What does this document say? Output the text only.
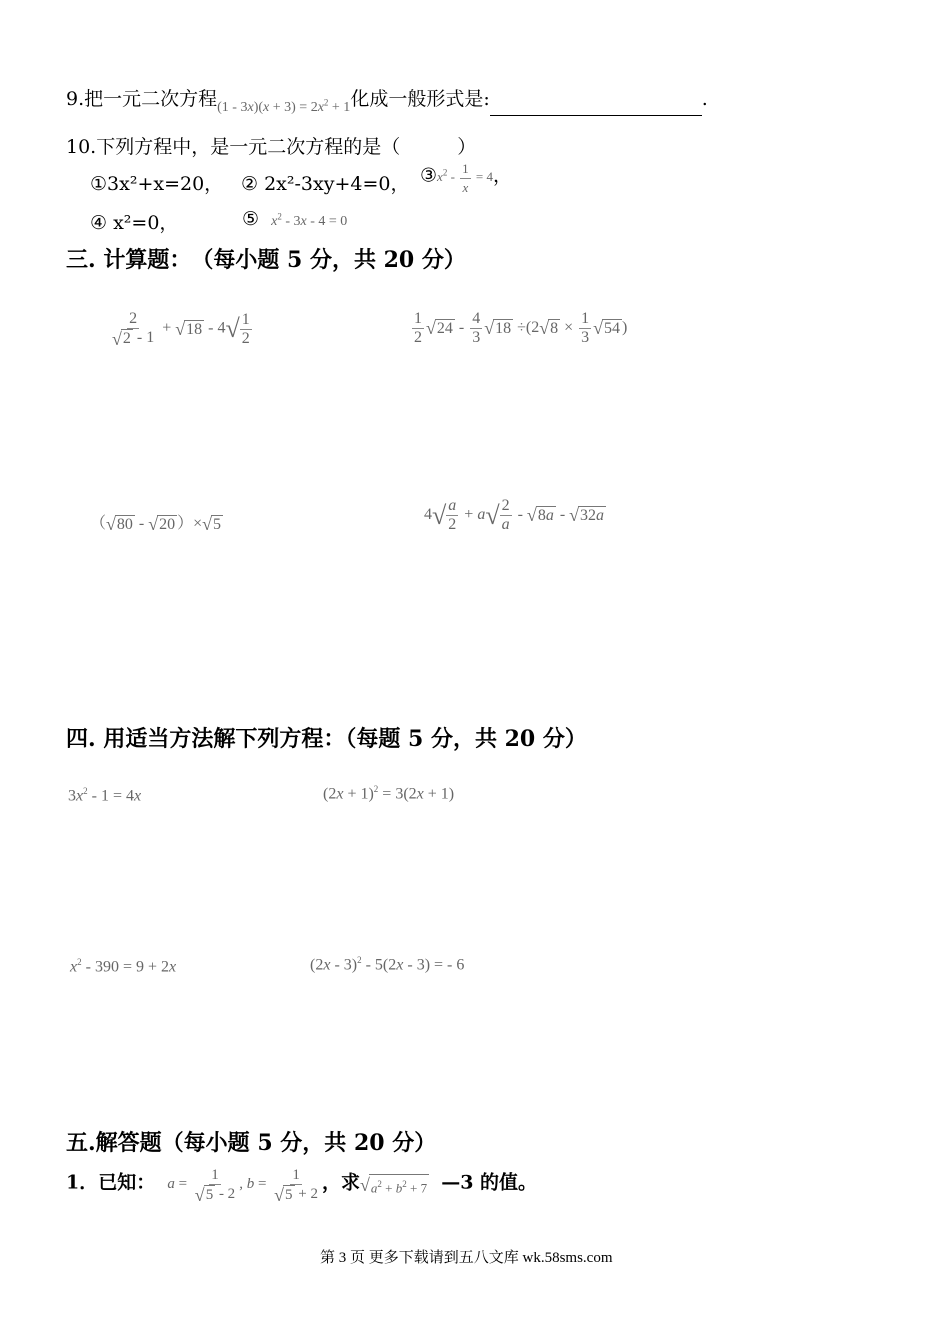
9.把一元二次方程$_{(1 - 3x)(x + 3) = 2x^2 + 1}$化成一般形式是:	.
10.下列方程中，是一元二次方程的是（　　　）
①3x²+x=20， ② 2x²-3xy+4=0， $③x^2 - \frac{1}{x} = 4$，
④ x²=0，	⑤ $x^2 - 3x - 4 = 0$
三. 计算题：　（每小题 5 分，共 20 分）
$\frac{2}{√2 - 1} + √18 - 4√ \frac{1}{2}$	$\frac{1}{2} √24 - \frac{4}{3} √18 \div(2√8 \times \frac{1}{3} √54$ )
（√80 - √20 ）×√5
$4√ \frac{a}{2} + a√ \frac{2}{a} - √8a - √32a$
四. 用适当方法解下列方程：（每题 5 分，共 20 分）
$3x^2 - 1 = 4x$	$(2x + 1)^2 = 3(2x + 1)$
$x^2 - 390 = 9 + 2x$	(2x - 3)$^2$ - 5(2x - 3) = - 6
五.解答题（每小题 5 分，共 20 分）
1．已知： $a = \frac{1}{√5 - 2}$ , $b = \frac{1}{√5 + 2}$ ，求$√a^2 + b^2 + 7$ —3 的值。
第 3 页 更多下载请到五八文库 wk.58sms.com
